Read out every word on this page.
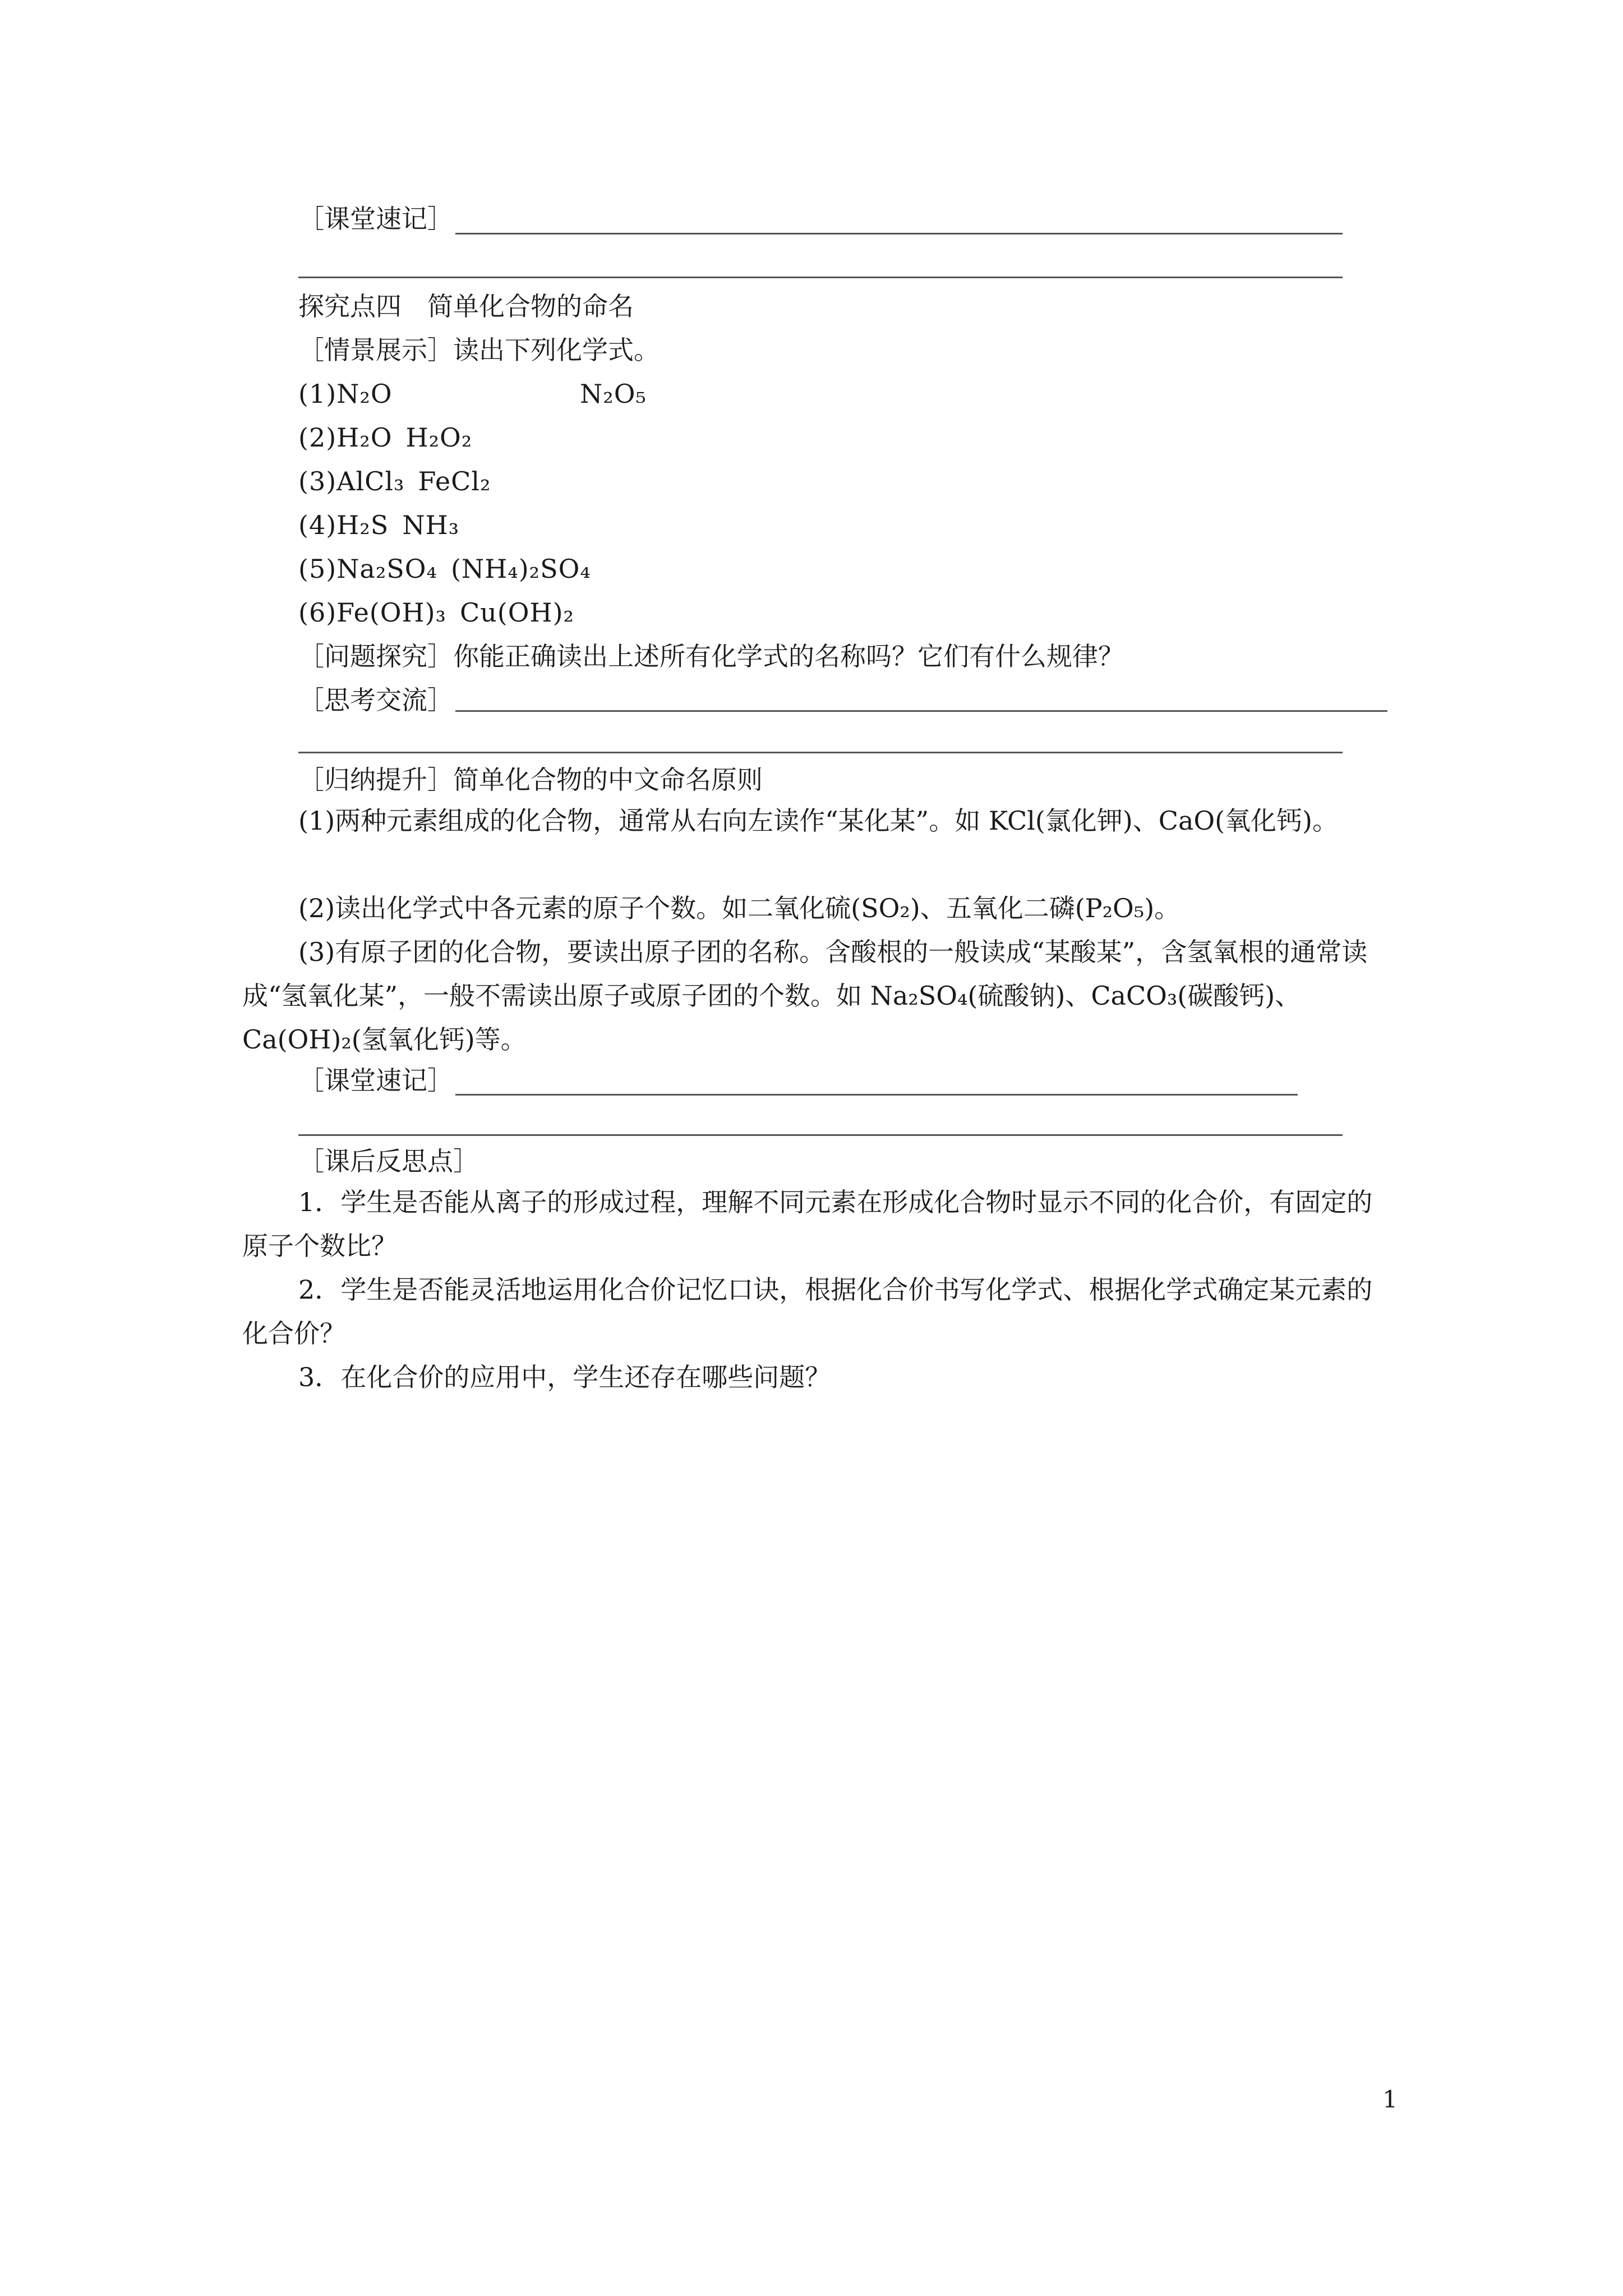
［课堂速记］
探究点四　简单化合物的命名
［情景展示］读出下列化学式。
(1)N₂O	N₂O₅
(2)H₂O H₂O₂
(3)AlCl₃ FeCl₂
(4)H₂S NH₃
(5)Na₂SO₄ (NH₄)₂SO₄
(6)Fe(OH)₃ Cu(OH)₂
［问题探究］你能正确读出上述所有化学式的名称吗？它们有什么规律？
［思考交流］
［归纳提升］简单化合物的中文命名原则
(1)两种元素组成的化合物，通常从右向左读作“某化某”。如 KCl(氯化钾)、CaO(氧化钙)。
(2)读出化学式中各元素的原子个数。如二氧化硫(SO₂)、五氧化二磷(P₂O₅)。
(3)有原子团的化合物，要读出原子团的名称。含酸根的一般读成“某酸某”，含氢氧根的通常读成“氢氧化某”，一般不需读出原子或原子团的个数。如 Na₂SO₄(硫酸钠)、CaCO₃(碳酸钙)、Ca(OH)₂(氢氧化钙)等。
［课堂速记］
［课后反思点］
1．学生是否能从离子的形成过程，理解不同元素在形成化合物时显示不同的化合价，有固定的原子个数比？
2．学生是否能灵活地运用化合价记忆口诀，根据化合价书写化学式、根据化学式确定某元素的化合价？
3．在化合价的应用中，学生还存在哪些问题？
1
